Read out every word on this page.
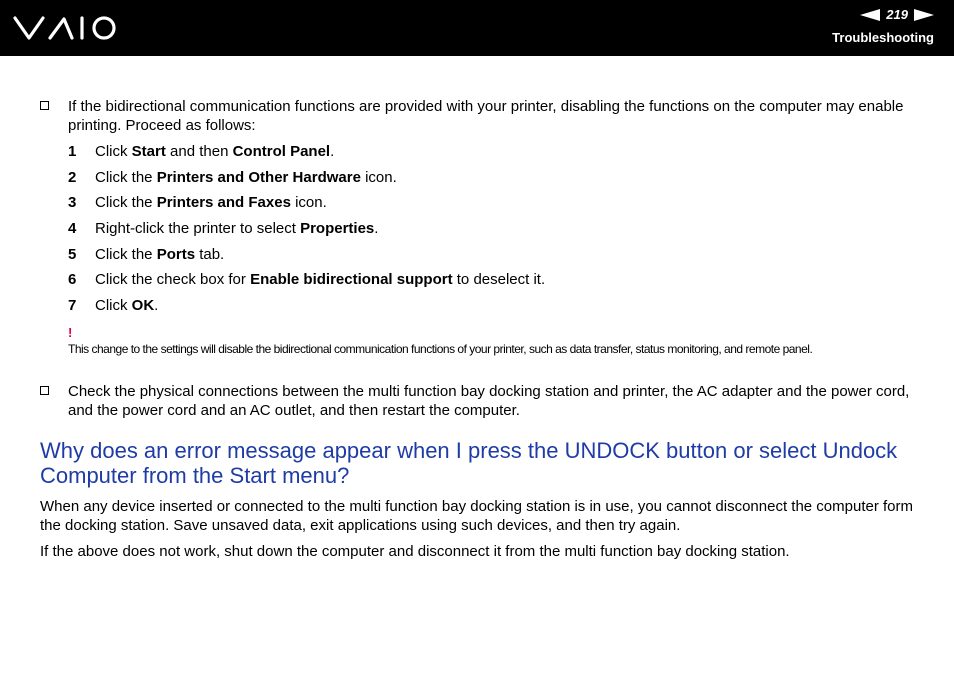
219
Troubleshooting
If the bidirectional communication functions are provided with your printer, disabling the functions on the computer may enable printing. Proceed as follows:
1 Click Start and then Control Panel.
2 Click the Printers and Other Hardware icon.
3 Click the Printers and Faxes icon.
4 Right-click the printer to select Properties.
5 Click the Ports tab.
6 Click the check box for Enable bidirectional support to deselect it.
7 Click OK.
!
This change to the settings will disable the bidirectional communication functions of your printer, such as data transfer, status monitoring, and remote panel.
Check the physical connections between the multi function bay docking station and printer, the AC adapter and the power cord, and the power cord and an AC outlet, and then restart the computer.
Why does an error message appear when I press the UNDOCK button or select Undock Computer from the Start menu?
When any device inserted or connected to the multi function bay docking station is in use, you cannot disconnect the computer form the docking station. Save unsaved data, exit applications using such devices, and then try again.
If the above does not work, shut down the computer and disconnect it from the multi function bay docking station.
